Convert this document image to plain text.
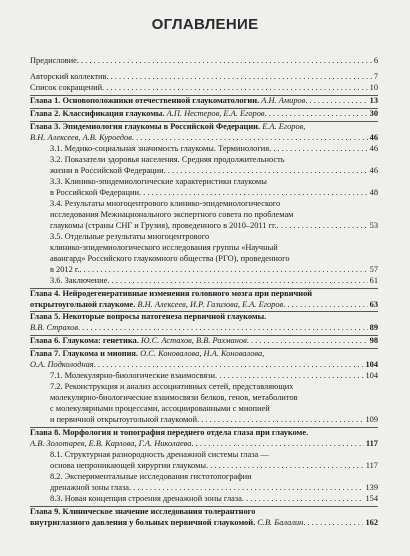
ОГЛАВЛЕНИЕ
Предисловие . . .	6
Авторский коллектив . . .	7
Список сокращений . . .	10
Глава 1. Основоположники отечественной глаукоматологии. А.Н. Амиров . . .	13
Глава 2. Классификация глаукомы. А.П. Нестеров, Е.А. Егоров . . .	30
Глава 3. Эпидемиология глаукомы в Российской Федерации. Е.А. Егоров,
В.Н. Алексеев, А.В. Куроедов . . .	46
3.1. Медико-социальная значимость глаукомы. Терминология . . .	46
3.2. Показатели здоровья населения. Средняя продолжительность
жизни в Российской Федерации . . .	46
3.3. Клинико-эпидемиологические характеристики глаукомы
в Российской Федерации . . .	48
3.4. Результаты многоцентрового клинико-эпидемиологического
исследования Межнационального экспертного совета по проблемам
глаукомы (страны СНГ и Грузия), проведенного в 2010–2011 гг. . . .	53
3.5. Отдельные результаты многоцентрового
клинико-эпидемиологического исследования группы «Научный
авангард» Российского глаукомного общества (РГО), проведенного
в 2012 г. . . .	57
3.6. Заключение . . .	61
Глава 4. Нейродегенеративные изменения головного мозга при первичной
открытоугольной глаукоме. В.Н. Алексеев, И.Р. Газизова, Е.А. Егоров . . .	63
Глава 5. Некоторые вопросы патогенеза первичной глаукомы.
В.В. Страхов . . .	89
Глава 6. Глаукома: генетика. Ю.С. Астахов, В.В. Рахманов . . .	98
Глава 7. Глаукома и миопия. О.С. Коновалова, Н.А. Коновалова,
О.А. Подкол​одная . . .	104
7.1. Молекулярно-биологические взаимосвязи . . .	104
7.2. Реконструкция и анализ ассоциативных сетей, представляющих
молекулярно-биологические взаимосвязи белков, генов, метаболитов
с молекулярными процессами, ассоциированными с миопией
и первичной открытоугольной глаукомой . . .	109
Глава 8. Морфология и топография переднего отдела глаза при глаукоме.
А.В. Золотарев, Е.В. Карлова, Г.А. Николаева . . .	117
8.1. Структурная разнородность дренажной системы глаза —
основа непроникающей хирургии глаукомы . . .	117
8.2. Экспериментальные исследования гистотопографии
дренажной зоны глаза . . .	139
8.3. Новая концепция строения дренажной зоны глаза . . .	154
Глава 9. Клиническое значение исследования толерантного
внутриглазного давления у больных первичной глаукомой. С.В. Балалин . . .	162
